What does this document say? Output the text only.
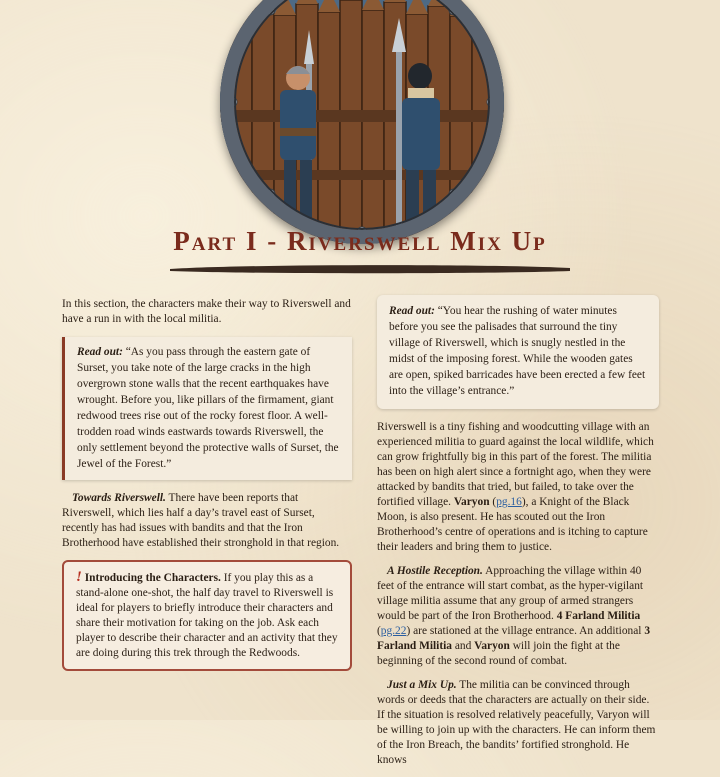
Part I - Riverswell Mix Up

In this section, the characters make their way to Riverswell and have a run in with the local militia.

Read out: “As you pass through the eastern gate of Surset, you take note of the large cracks in the high overgrown stone walls that the recent earthquakes have wrought. Before you, like pillars of the firmament, giant redwood trees rise out of the rocky forest floor. A well-trodden road winds eastwards towards Riverswell, the only settlement beyond the protective walls of Surset, the Jewel of the Forest.”

Towards Riverswell. There have been reports that Riverswell, which lies half a day’s travel east of Surset, recently has had issues with bandits and that the Iron Brotherhood have established their stronghold in that region.

! Introducing the Characters. If you play this as a stand-alone one-shot, the half day travel to Riverswell is ideal for players to briefly introduce their characters and share their motivation for taking on the job. Ask each player to describe their character and an activity that they are doing during this trek through the Redwoods.

Read out: “You hear the rushing of water minutes before you see the palisades that surround the tiny village of Riverswell, which is snugly nestled in the midst of the imposing forest. While the wooden gates are open, spiked barricades have been erected a few feet into the village’s entrance.”

Riverswell is a tiny fishing and woodcutting village with an experienced militia to guard against the local wildlife, which can grow frightfully big in this part of the forest. The militia has been on high alert since a fortnight ago, when they were attacked by bandits that tried, but failed, to take over the fortified village. Varyon (pg.16), a Knight of the Black Moon, is also present. He has scouted out the Iron Brotherhood’s centre of operations and is itching to capture their leaders and bring them to justice.

A Hostile Reception. Approaching the village within 40 feet of the entrance will start combat, as the hyper-vigilant village militia assume that any group of armed strangers would be part of the Iron Brotherhood. 4 Farland Militia (pg.22) are stationed at the village entrance. An additional 3 Farland Militia and Varyon will join the fight at the beginning of the second round of combat.

Just a Mix Up. The militia can be convinced through words or deeds that the characters are actually on their side. If the situation is resolved relatively peacefully, Varyon will be willing to join up with the characters. He can inform them of the Iron Breach, the bandits’ fortified stronghold. He knows
